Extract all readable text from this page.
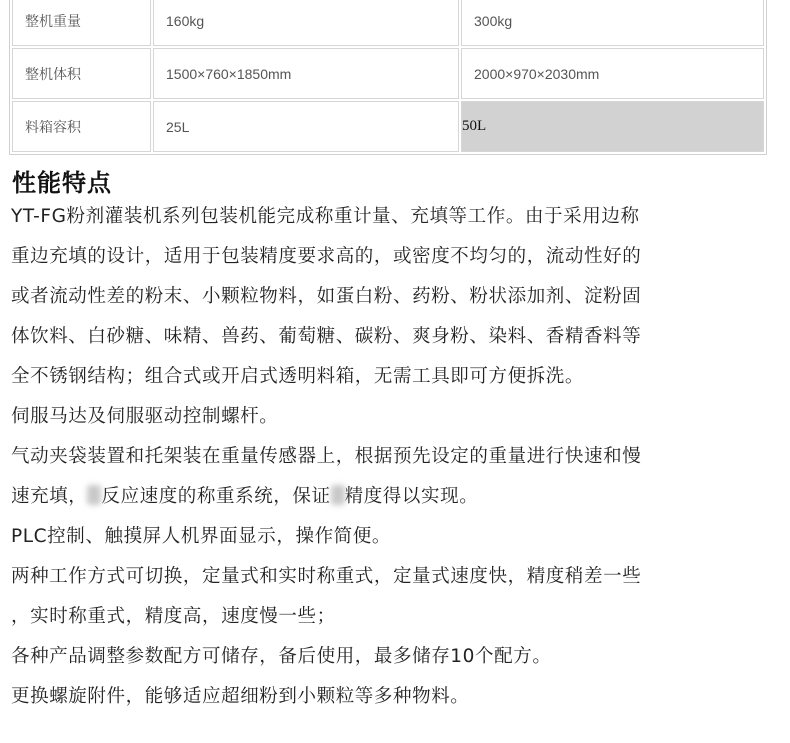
整机重量	160kg	300kg
整机体积	1500×760×1850mm	2000×970×2030mm
料箱容积	25L	50L
性能特点
YT-FG粉剂灌装机系列包装机能完成称重计量、充填等工作。由于采用边称
重边充填的设计，适用于包装精度要求高的，或密度不均匀的，流动性好的
或者流动性差的粉末、小颗粒物料，如蛋白粉、药粉、粉状添加剂、淀粉固
体饮料、白砂糖、味精、兽药、葡萄糖、碳粉、爽身粉、染料、香精香料等
全不锈钢结构；组合式或开启式透明料箱，无需工具即可方便拆洗。
伺服马达及伺服驱动控制螺杆。
气动夹袋装置和托架装在重量传感器上，根据预先设定的重量进行快速和慢
速充填， 反应速度的称重系统，保证 精度得以实现。
PLC控制、触摸屏人机界面显示，操作简便。
两种工作方式可切换，定量式和实时称重式，定量式速度快，精度稍差一些
，实时称重式，精度高，速度慢一些；
各种产品调整参数配方可储存，备后使用，最多储存10个配方。
更换螺旋附件，能够适应超细粉到小颗粒等多种物料。
